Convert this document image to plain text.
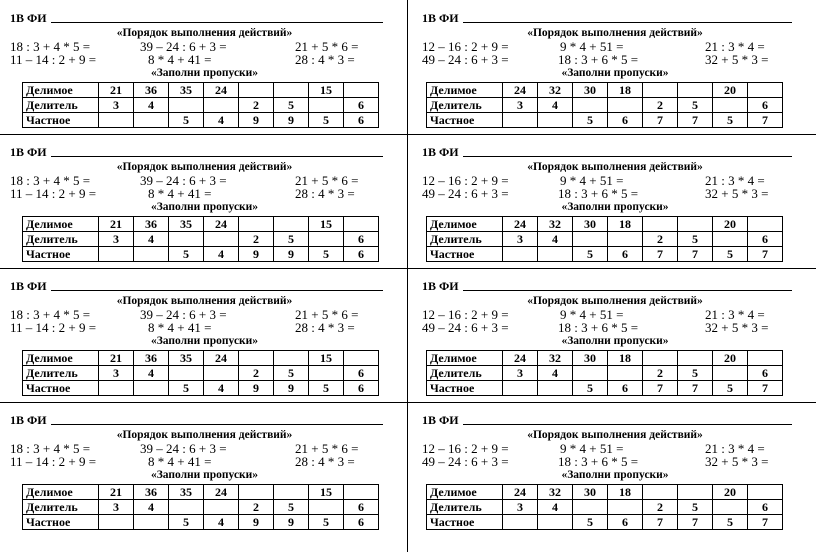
1В ФИ
«Порядок выполнения действий»
18 : 3 + 4 * 5 =	39 – 24 : 6 + 3 =	21 + 5 * 6 =
11 – 14 : 2 + 9 =	8 * 4 + 41 =	28 : 4 * 3 =
«Заполни пропуски»
Делимое	21	36	35	24			15	
Делитель	3	4			2	5		6
Частное			5	4	9	9	5	6
1В ФИ
«Порядок выполнения действий»
12 – 16 : 2 + 9 =	9 * 4 + 51 =	21 : 3 * 4 =
49 – 24 : 6 + 3 =	18 : 3 + 6 * 5 =	32 + 5 * 3 =
«Заполни пропуски»
Делимое	24	32	30	18			20	
Делитель	3	4			2	5		6
Частное			5	6	7	7	5	7
1В ФИ
«Порядок выполнения действий»
18 : 3 + 4 * 5 =	39 – 24 : 6 + 3 =	21 + 5 * 6 =
11 – 14 : 2 + 9 =	8 * 4 + 41 =	28 : 4 * 3 =
«Заполни пропуски»
Делимое	21	36	35	24			15	
Делитель	3	4			2	5		6
Частное			5	4	9	9	5	6
1В ФИ
«Порядок выполнения действий»
12 – 16 : 2 + 9 =	9 * 4 + 51 =	21 : 3 * 4 =
49 – 24 : 6 + 3 =	18 : 3 + 6 * 5 =	32 + 5 * 3 =
«Заполни пропуски»
Делимое	24	32	30	18			20	
Делитель	3	4			2	5		6
Частное			5	6	7	7	5	7
1В ФИ
«Порядок выполнения действий»
18 : 3 + 4 * 5 =	39 – 24 : 6 + 3 =	21 + 5 * 6 =
11 – 14 : 2 + 9 =	8 * 4 + 41 =	28 : 4 * 3 =
«Заполни пропуски»
Делимое	21	36	35	24			15	
Делитель	3	4			2	5		6
Частное			5	4	9	9	5	6
1В ФИ
«Порядок выполнения действий»
12 – 16 : 2 + 9 =	9 * 4 + 51 =	21 : 3 * 4 =
49 – 24 : 6 + 3 =	18 : 3 + 6 * 5 =	32 + 5 * 3 =
«Заполни пропуски»
Делимое	24	32	30	18			20	
Делитель	3	4			2	5		6
Частное			5	6	7	7	5	7
1В ФИ
«Порядок выполнения действий»
18 : 3 + 4 * 5 =	39 – 24 : 6 + 3 =	21 + 5 * 6 =
11 – 14 : 2 + 9 =	8 * 4 + 41 =	28 : 4 * 3 =
«Заполни пропуски»
Делимое	21	36	35	24			15	
Делитель	3	4			2	5		6
Частное			5	4	9	9	5	6
1В ФИ
«Порядок выполнения действий»
12 – 16 : 2 + 9 =	9 * 4 + 51 =	21 : 3 * 4 =
49 – 24 : 6 + 3 =	18 : 3 + 6 * 5 =	32 + 5 * 3 =
«Заполни пропуски»
Делимое	24	32	30	18			20	
Делитель	3	4			2	5		6
Частное			5	6	7	7	5	7
